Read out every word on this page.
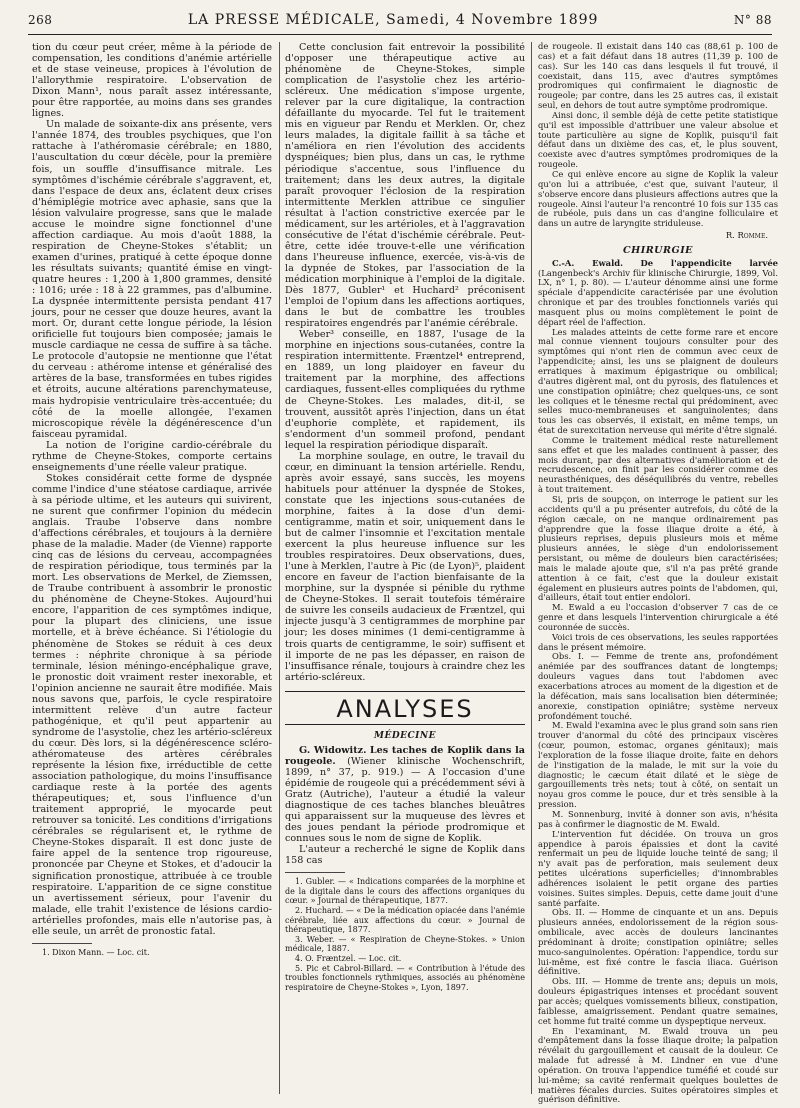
268	LA PRESSE MÉDICALE, Samedi, 4 Novembre 1899	N° 88

tion du cœur peut créer, même à la période de compensation, les conditions d'anémie artérielle et de stase veineuse, propices à l'évolution de l'allorythmie respiratoire. L'observation de Dixon Mann¹, nous paraît assez intéressante, pour être rapportée, au moins dans ses grandes lignes.

Un malade de soixante-dix ans présente, vers l'année 1874, des troubles psychiques, que l'on rattache à l'athéromasie cérébrale; en 1880, l'auscultation du cœur décèle, pour la première fois, un souffle d'insuffisance mitrale. Les symptômes d'ischémie cérébrale s'aggravent, et, dans l'espace de deux ans, éclatent deux crises d'hémiplégie motrice avec aphasie, sans que la lésion valvulaire progresse, sans que le malade accuse le moindre signe fonctionnel d'une affection cardiaque. Au mois d'août 1888, la respiration de Cheyne-Stokes s'établit; un examen d'urines, pratiqué à cette époque donne les résultats suivants; quantité émise en vingt-quatre heures : 1,200 à 1,800 grammes, densité : 1016; urée : 18 à 22 grammes, pas d'albumine. La dyspnée intermittente persista pendant 417 jours, pour ne cesser que douze heures, avant la mort. Or, durant cette longue période, la lésion orificielle fut toujours bien composée; jamais le muscle cardiaque ne cessa de suffire à sa tâche. Le protocole d'autopsie ne mentionne que l'état du cerveau : athérome intense et généralisé des artères de la base, transformées en tubes rigides et étroits, aucune altérations parenchymateuse, mais hydropisie ventriculaire très-accentuée; du côté de la moelle allongée, l'examen microscopique révèle la dégénérescence d'un faisceau pyramidal.

La notion de l'origine cardio-cérébrale du rythme de Cheyne-Stokes, comporte certains enseignements d'une réelle valeur pratique.

Stokes considérait cette forme de dyspnée comme l'indice d'une stéatose cardiaque, arrivée à sa période ultime, et les auteurs qui suivirent, ne surent que confirmer l'opinion du médecin anglais. Traube l'observe dans nombre d'affections cérébrales, et toujours à la dernière phase de la maladie. Mader (de Vienne) rapporte cinq cas de lésions du cerveau, accompagnées de respiration périodique, tous terminés par la mort. Les observations de Merkel, de Ziemssen, de Traube contribuent à assombrir le pronostic du phénomène de Cheyne-Stokes. Aujourd'hui encore, l'apparition de ces symptômes indique, pour la plupart des cliniciens, une issue mortelle, et à brève échéance. Si l'étiologie du phénomène de Stokes se réduit à ces deux termes : néphrite chronique à sa période terminale, lésion méningo-encéphalique grave, le pronostic doit vraiment rester inexorable, et l'opinion ancienne ne saurait être modifiée. Mais nous savons que, parfois, le cycle respiratoire intermittent relève d'un autre facteur pathogénique, et qu'il peut appartenir au syndrome de l'asystolie, chez les artério-scléreux du cœur. Dès lors, si la dégénérescence scléro-athéromateuse des artères cérébrales représente la lésion fixe, irréductible de cette association pathologique, du moins l'insuffisance cardiaque reste à la portée des agents thérapeutiques; et, sous l'influence d'un traitement approprié, le myocarde peut retrouver sa tonicité. Les conditions d'irrigations cérébrales se régularisent et, le rythme de Cheyne-Stokes disparaît. Il est donc juste de faire appel de la sentence trop rigoureuse, prononcée par Cheyne et Stokes, et d'adoucir la signification pronostique, attribuée à ce trouble respiratoire. L'apparition de ce signe constitue un avertissement sérieux, pour l'avenir du malade, elle trahit l'existence de lésions cardio-artérielles profondes, mais elle n'autorise pas, à elle seule, un arrêt de pronostic fatal.

1. Dixon Mann. — Loc. cit.

Cette conclusion fait entrevoir la possibilité d'opposer une thérapeutique active au phénomène de Cheyne-Stokes, simple complication de l'asystolie chez les artério-scléreux. Une médication s'impose urgente, relever par la cure digitalique, la contraction défaillante du myocarde. Tel fut le traitement mis en vigueur par Rendu et Merklen. Or, chez leurs malades, la digitale faillit à sa tâche et n'améliora en rien l'évolution des accidents dyspnéiques; bien plus, dans un cas, le rythme périodique s'accentue, sous l'influence du traitement; dans les deux autres, la digitale paraît provoquer l'éclosion de la respiration intermittente Merklen attribue ce singulier résultat à l'action constrictive exercée par le médicament, sur les artérioles, et à l'aggravation consécutive de l'état d'ischémie cérébrale. Peut-être, cette idée trouve-t-elle une vérification dans l'heureuse influence, exercée, vis-à-vis de la dypnée de Stokes, par l'association de la médication morphinique à l'emploi de la digitale. Dès 1877, Gubler¹ et Huchard² préconisent l'emploi de l'opium dans les affections aortiques, dans le but de combattre les troubles respiratoires engendrés par l'anémie cérébrale.

Weber³ conseille, en 1887, l'usage de la morphine en injections sous-cutanées, contre la respiration intermittente. Fræntzel⁴ entreprend, en 1889, un long plaidoyer en faveur du traitement par la morphine, des affections cardiaques, fussent-elles compliquées du rythme de Cheyne-Stokes. Les malades, dit-il, se trouvent, aussitôt après l'injection, dans un état d'euphorie complète, et rapidement, ils s'endorment d'un sommeil profond, pendant lequel la respiration périodique disparaît.

La morphine soulage, en outre, le travail du cœur, en diminuant la tension artérielle. Rendu, après avoir essayé, sans succès, les moyens habituels pour atténuer la dyspnée de Stokes, constate que les injections sous-cutanées de morphine, faites à la dose d'un demi-centigramme, matin et soir, uniquement dans le but de calmer l'insomnie et l'excitation mentale exercent la plus heureuse influence sur les troubles respiratoires. Deux observations, dues, l'une à Merklen, l'autre à Pic (de Lyon)⁵, plaident encore en faveur de l'action bienfaisante de la morphine, sur la dyspnée si pénible du rythme de Cheyne-Stokes. Il serait toutefois téméraire de suivre les conseils audacieux de Fræntzel, qui injecte jusqu'à 3 centigrammes de morphine par jour; les doses minimes (1 demi-centigramme à trois quarts de centigramme, le soir) suffisent et il importe de ne pas les dépasser, en raison de l'insuffisance rénale, toujours à craindre chez les artério-scléreux.

ANALYSES
MÉDECINE

G. Widowitz. Les taches de Koplik dans la rougeole. (Wiener klinische Wochenschrift, 1899, n° 37, p. 919.) — A l'occasion d'une épidémie de rougeole qui a précédemment sévi à Gratz (Autriche), l'auteur a étudié la valeur diagnostique de ces taches blanches bleuâtres qui apparaissent sur la muqueuse des lèvres et des joues pendant la période prodromique et connues sous le nom de signe de Koplik.

L'auteur a recherché le signe de Koplik dans 158 cas

1. Gubler. — « Indications comparées de la morphine et de la digitale dans le cours des affections organiques du cœur. » Journal de thérapeutique, 1877.

2. Huchard. — « De la médication opiacée dans l'anémie cérébrale, liée aux affections du cœur. » Journal de thérapeutique, 1877.

3. Weber. — « Respiration de Cheyne-Stokes. » Union médicale, 1887.

4. O. Fræntzel. — Loc. cit.

5. Pic et Cabrol-Billard. — « Contribution à l'étude des troubles fonctionnels rythmiques, associés au phénomène respiratoire de Cheyne-Stokes », Lyon, 1897.

de rougeole. Il existait dans 140 cas (88,61 p. 100 de cas) et a fait défaut dans 18 autres (11,39 p. 100 de cas). Sur les 140 cas dans lesquels il fut trouvé, il coexistait, dans 115, avec d'autres symptômes prodromiques qui confirmaient le diagnostic de rougeole; par contre, dans les 25 autres cas, il existait seul, en dehors de tout autre symptôme prodromique.

Ainsi donc, il semble déjà de cette petite statistique qu'il est impossible d'attribuer une valeur absolue et toute particulière au signe de Koplik, puisqu'il fait défaut dans un dixième des cas, et, le plus souvent, coexiste avec d'autres symptômes prodromiques de la rougeole.

Ce qui enlève encore au signe de Koplik la valeur qu'on lui a attribuée, c'est que, suivant l'auteur, il s'observe encore dans plusieurs affections autres que la rougeole. Ainsi l'auteur l'a rencontré 10 fois sur 135 cas de rubéole, puis dans un cas d'angine folliculaire et dans un autre de laryngite striduleuse.

R. Romme.
CHIRURGIE

C.-A. Ewald. De l'appendicite larvée (Langenbeck's Archiv für klinische Chirurgie, 1899, Vol. LX, n° 1, p. 80). — L'auteur dénomme ainsi une forme spéciale d'appendicite caractérisée par une évolution chronique et par des troubles fonctionnels variés qui masquent plus ou moins complètement le point de départ réel de l'affection.

Les malades atteints de cette forme rare et encore mal connue viennent toujours consulter pour des symptômes qui n'ont rien de commun avec ceux de l'appendicite; ainsi, les uns se plaignent de douleurs erratiques à maximum épigastrique ou ombilical; d'autres digèrent mal, ont du pyrosis, des flatulences et une constipation opiniâtre; chez quelques-uns, ce sont les coliques et le ténesme rectal qui prédominent, avec selles muco-membraneuses et sanguinolentes; dans tous les cas observés, il existait, en même temps, un état de surexcitation nerveuse qui mérite d'être signalé.

Comme le traitement médical reste naturellement sans effet et que les malades continuent à passer, des mois durant, par des alternatives d'amélioration et de recrudescence, on finit par les considérer comme des neurasthéniques, des déséquilibrés du ventre, rebelles à tout traitement.

Si, pris de soupçon, on interroge le patient sur les accidents qu'il a pu présenter autrefois, du côté de la région cæcale, on ne manque ordinairement pas d'apprendre que la fosse iliaque droite a été, à plusieurs reprises, depuis plusieurs mois et même plusieurs années, le siège d'un endolorissement persistant, ou même de douleurs bien caractérisées; mais le malade ajoute que, s'il n'a pas prêté grande attention à ce fait, c'est que la douleur existait également en plusieurs autres points de l'abdomen, qui, d'ailleurs, était tout entier endolori.

M. Ewald a eu l'occasion d'observer 7 cas de ce genre et dans lesquels l'intervention chirurgicale a été couronnée de succès.

Voici trois de ces observations, les seules rapportées dans le présent mémoire.

Obs. I. — Femme de trente ans, profondément anémiée par des souffrances datant de longtemps; douleurs vagues dans tout l'abdomen avec exacerbations atroces au moment de la digestion et de la défécation, mais sans localisation bien déterminée; anorexie, constipation opiniâtre; système nerveux profondément touché.

M. Ewald l'examina avec le plus grand soin sans rien trouver d'anormal du côté des principaux viscères (cœur, poumon, estomac, organes génitaux); mais l'exploration de la fosse iliaque droite, faite en dehors de l'instigation de la malade, le mit sur la voie du diagnostic; le cæcum était dilaté et le siège de gargouillements très nets; tout à côté, on sentait un noyau gros comme le pouce, dur et très sensible à la pression.

M. Sonnenburg, invité à donner son avis, n'hésita pas à confirmer le diagnostic de M. Ewald.

L'intervention fut décidée. On trouva un gros appendice à parois épaissies et dont la cavité renfermait un peu de liquide louche teinté de sang; il n'y avait pas de perforation, mais seulement deux petites ulcérations superficielles; d'innombrables adhérences isolaient le petit organe des parties voisines. Suites simples. Depuis, cette dame jouit d'une santé parfaite.

Obs. II. — Homme de cinquante et un ans. Depuis plusieurs années, endolorissement de la région sous-ombilicale, avec accès de douleurs lancinantes prédominant à droite; constipation opiniâtre; selles muco-sanguinolentes. Opération: l'appendice, tordu sur lui-même, est fixé contre le fascia iliaca. Guérison définitive.

Obs. III. — Homme de trente ans; depuis un mois, douleurs épigastriques intenses et procédant souvent par accès; quelques vomissements bilieux, constipation, faiblesse, amaigrissement. Pendant quatre semaines, cet homme fut traité comme un dyspeptique nerveux.

En l'examinant, M. Ewald trouva un peu d'empâtement dans la fosse iliaque droite; la palpation révélait du gargouillement et causait de la douleur. Ce malade fut adressé à M. Lindner en vue d'une opération. On trouva l'appendice tuméfié et coudé sur lui-même; sa cavité renfermait quelques boulettes de matières fécales durcies. Suites opératoires simples et guérison définitive.
